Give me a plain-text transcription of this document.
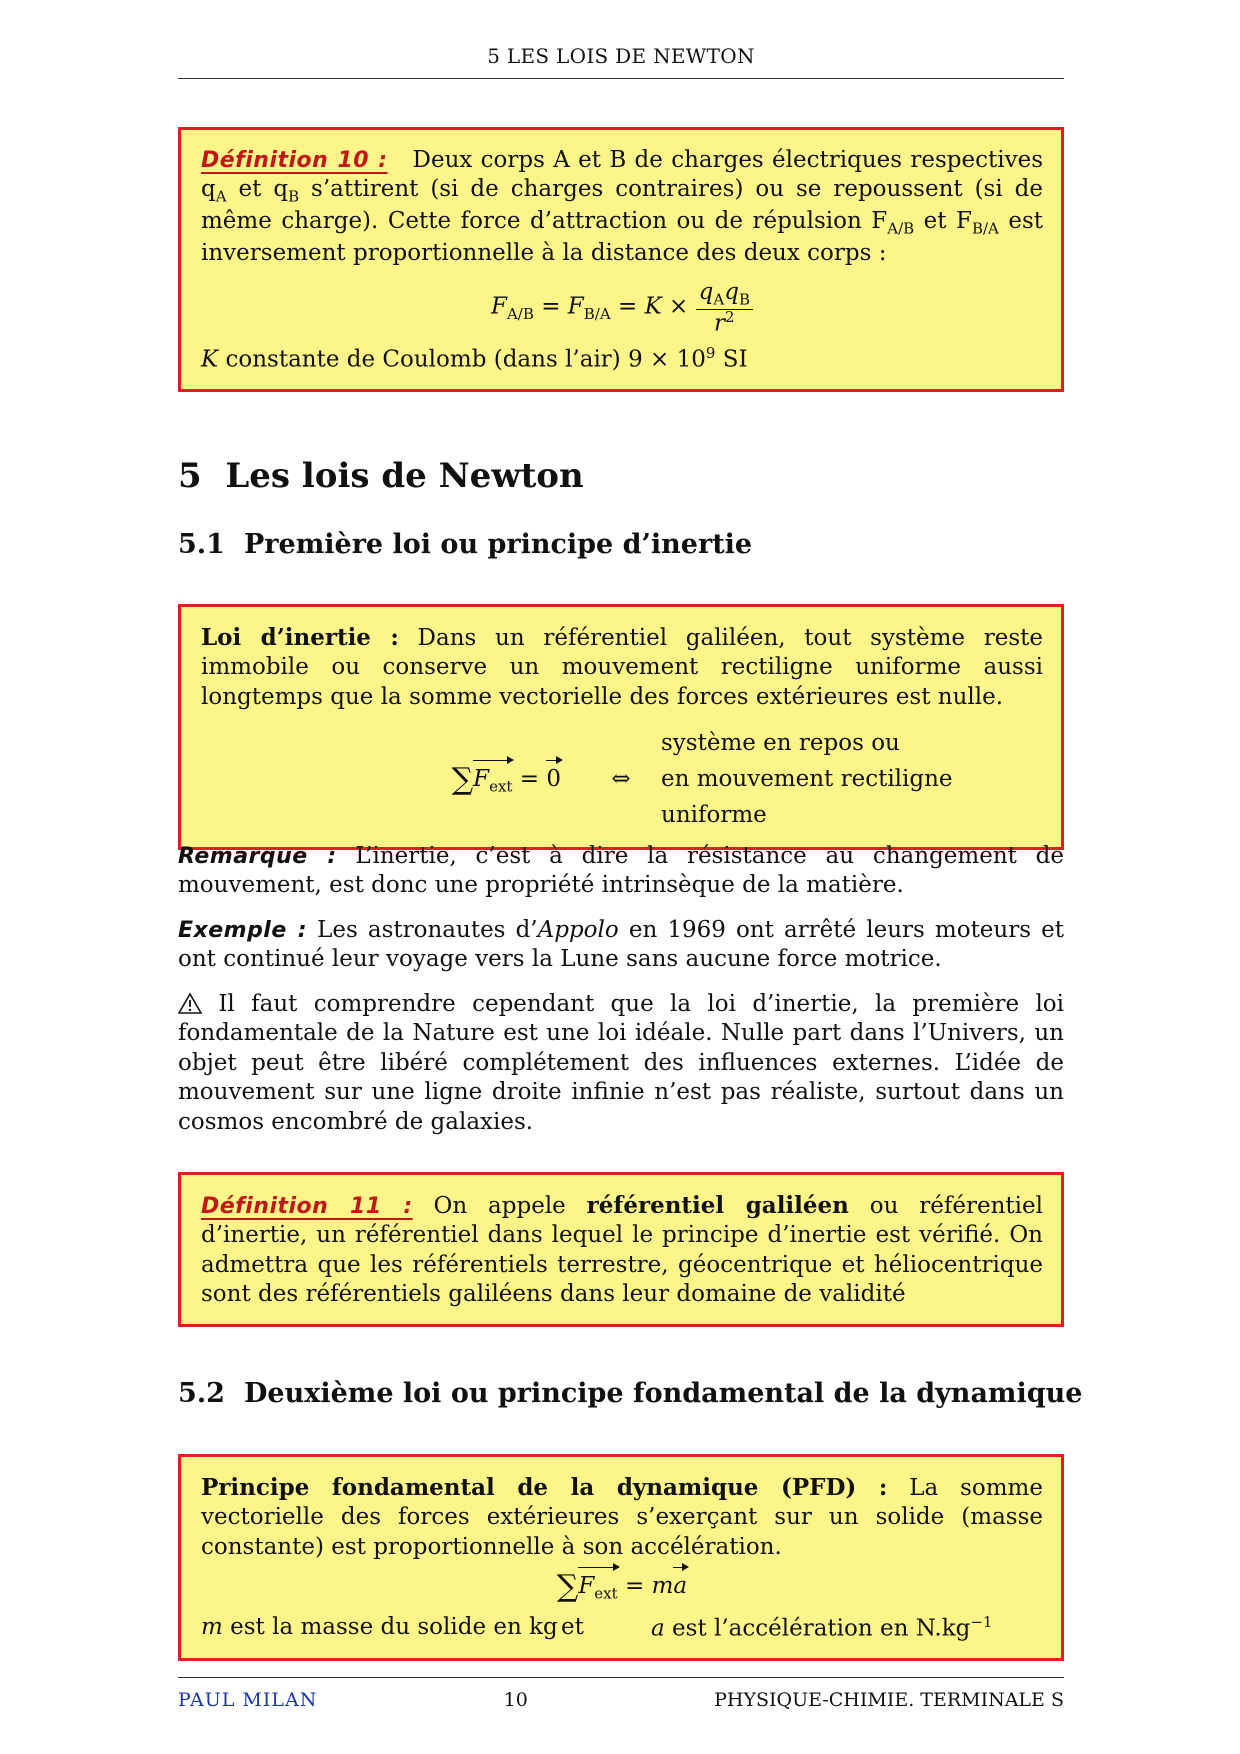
5 LES LOIS DE NEWTON

Définition 10 : Deux corps A et B de charges électriques respectives $q_A$ et $q_B$ s’attirent (si de charges contraires) ou se repoussent (si de même charge). Cette force d’attraction ou de répulsion $F_{A/B}$ et $F_{B/A}$ est inversement proportionnelle à la distance des deux corps :

$F_{A/B} = F_{B/A} = K \times \frac{q_Aq_B}{r^2}$

K constante de Coulomb (dans l’air) $9 \times 10^9$ SI

5 Les lois de Newton
5.1 Première loi ou principe d’inertie

Loi d’inertie : Dans un référentiel galiléen, tout système reste immobile ou conserve un mouvement rectiligne uniforme aussi longtemps que la somme vectorielle des forces extérieures est nulle.

$\sum F_{ext} = 0$	⇔
système en repos ou
en mouvement rectiligne uniforme

Remarque : L’inertie, c’est à dire la résistance au changement de mouvement, est donc une propriété intrinsèque de la matière.

Exemple : Les astronautes d’Appolo en 1969 ont arrêté leurs moteurs et ont continué leur voyage vers la Lune sans aucune force motrice.

Il faut comprendre cependant que la loi d’inertie, la première loi fondamentale de la Nature est une loi idéale. Nulle part dans l’Univers, un objet peut être libéré complétement des influences externes. L’idée de mouvement sur une ligne droite infinie n’est pas réaliste, surtout dans un cosmos encombré de galaxies.

Définition 11 : On appele référentiel galiléen ou référentiel d’inertie, un référentiel dans lequel le principe d’inertie est vérifié. On admettra que les référentiels terrestre, géocentrique et héliocentrique sont des référentiels galiléens dans leur domaine de validité

5.2 Deuxième loi ou principe fondamental de la dynamique

Principe fondamental de la dynamique (PFD) : La somme vectorielle des forces extérieures s’exerçant sur un solide (masse constante) est proportionnelle à son accélération.

$\sum F_{ext}$ = ma
m est la masse du solide en kg et	a est l’accélération en $N.kg^{-1}$
PAUL MILAN	10	PHYSIQUE-CHIMIE. TERMINALE S
